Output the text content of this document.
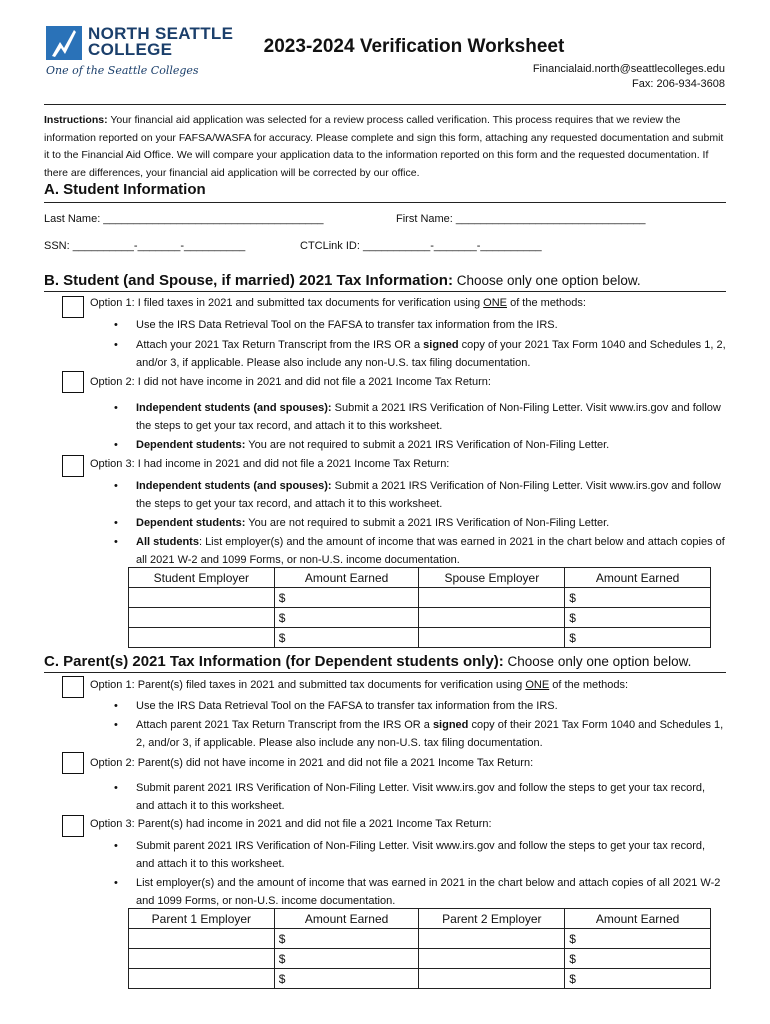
NORTH SEATTLE
COLLEGE
One of the Seattle Colleges
2023-2024 Verification Worksheet
Financialaid.north@seattlecolleges.edu
Fax: 206-934-3608
Instructions: Your financial aid application was selected for a review process called verification. This process requires that we review the information reported on your FAFSA/WASFA for accuracy. Please complete and sign this form, attaching any requested documentation and submit it to the Financial Aid Office. We will compare your application data to the information reported on this form and the requested documentation. If there are differences, your financial aid application will be corrected by our office.
A. Student Information
Last Name: ____________________________________	First Name: _______________________________
SSN: __________-_______-__________	CTCLink ID: ___________-_______-__________
B. Student (and Spouse, if married) 2021 Tax Information: Choose only one option below.
Option 1: I filed taxes in 2021 and submitted tax documents for verification using ONE of the methods:
• Use the IRS Data Retrieval Tool on the FAFSA to transfer tax information from the IRS.
• Attach your 2021 Tax Return Transcript from the IRS OR a signed copy of your 2021 Tax Form 1040 and Schedules 1, 2, and/or 3, if applicable. Please also include any non-U.S. tax filing documentation.
Option 2: I did not have income in 2021 and did not file a 2021 Income Tax Return:
• Independent students (and spouses): Submit a 2021 IRS Verification of Non-Filing Letter. Visit www.irs.gov and follow the steps to get your tax record, and attach it to this worksheet.
• Dependent students: You are not required to submit a 2021 IRS Verification of Non-Filing Letter.
Option 3: I had income in 2021 and did not file a 2021 Income Tax Return:
• Independent students (and spouses): Submit a 2021 IRS Verification of Non-Filing Letter. Visit www.irs.gov and follow the steps to get your tax record, and attach it to this worksheet.
• Dependent students: You are not required to submit a 2021 IRS Verification of Non-Filing Letter.
• All students: List employer(s) and the amount of income that was earned in 2021 in the chart below and attach copies of all 2021 W-2 and 1099 Forms, or non-U.S. income documentation.
Student Employer	Amount Earned	Spouse Employer	Amount Earned
	$		$
	$		$
	$		$
C. Parent(s) 2021 Tax Information (for Dependent students only): Choose only one option below.
Option 1: Parent(s) filed taxes in 2021 and submitted tax documents for verification using ONE of the methods:
• Use the IRS Data Retrieval Tool on the FAFSA to transfer tax information from the IRS.
• Attach parent 2021 Tax Return Transcript from the IRS OR a signed copy of their 2021 Tax Form 1040 and Schedules 1, 2, and/or 3, if applicable. Please also include any non-U.S. tax filing documentation.
Option 2: Parent(s) did not have income in 2021 and did not file a 2021 Income Tax Return:
• Submit parent 2021 IRS Verification of Non-Filing Letter. Visit www.irs.gov and follow the steps to get your tax record, and attach it to this worksheet.
Option 3: Parent(s) had income in 2021 and did not file a 2021 Income Tax Return:
• Submit parent 2021 IRS Verification of Non-Filing Letter. Visit www.irs.gov and follow the steps to get your tax record, and attach it to this worksheet.
• List employer(s) and the amount of income that was earned in 2021 in the chart below and attach copies of all 2021 W-2 and 1099 Forms, or non-U.S. income documentation.
Parent 1 Employer	Amount Earned	Parent 2 Employer	Amount Earned
	$		$
	$		$
	$		$
